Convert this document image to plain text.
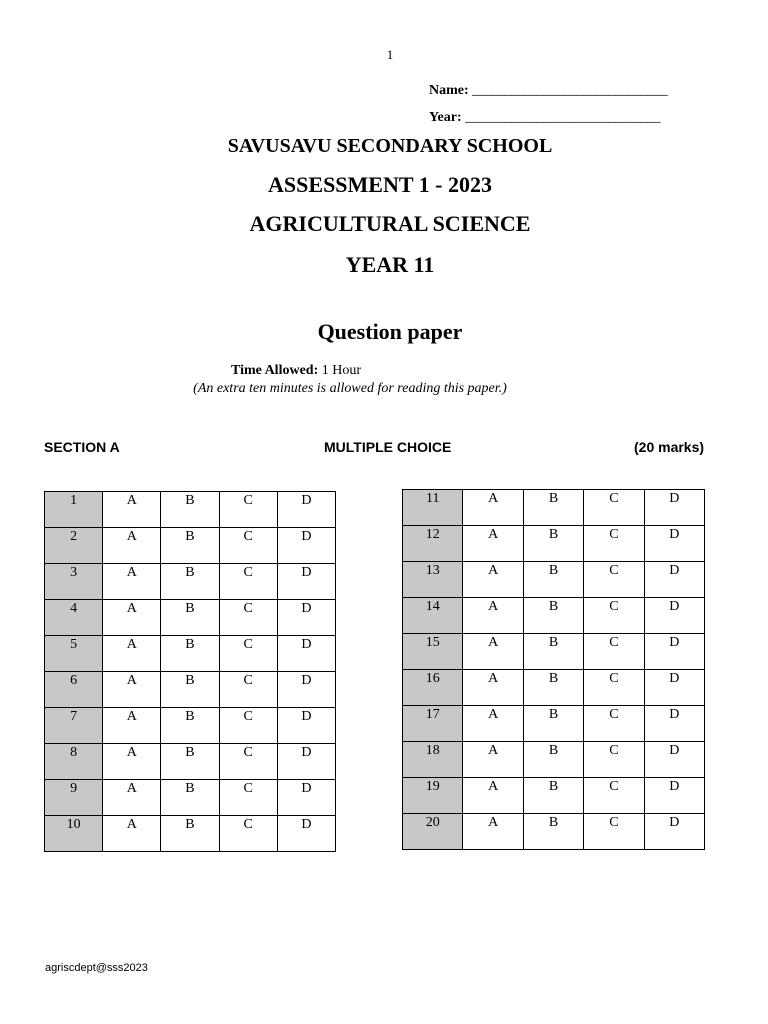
1
Name: ______________________________
Year: ______________________________
SAVUSAVU SECONDARY SCHOOL
ASSESSMENT 1 - 2023
AGRICULTURAL SCIENCE
YEAR 11
Question paper
Time Allowed: 1 Hour
(An extra ten minutes is allowed for reading this paper.)
SECTION A	MULTIPLE CHOICE	(20 marks)
1	A	B	C	D
2	A	B	C	D
3	A	B	C	D
4	A	B	C	D
5	A	B	C	D
6	A	B	C	D
7	A	B	C	D
8	A	B	C	D
9	A	B	C	D
10	A	B	C	D
11	A	B	C	D
12	A	B	C	D
13	A	B	C	D
14	A	B	C	D
15	A	B	C	D
16	A	B	C	D
17	A	B	C	D
18	A	B	C	D
19	A	B	C	D
20	A	B	C	D
agriscdept@sss2023
